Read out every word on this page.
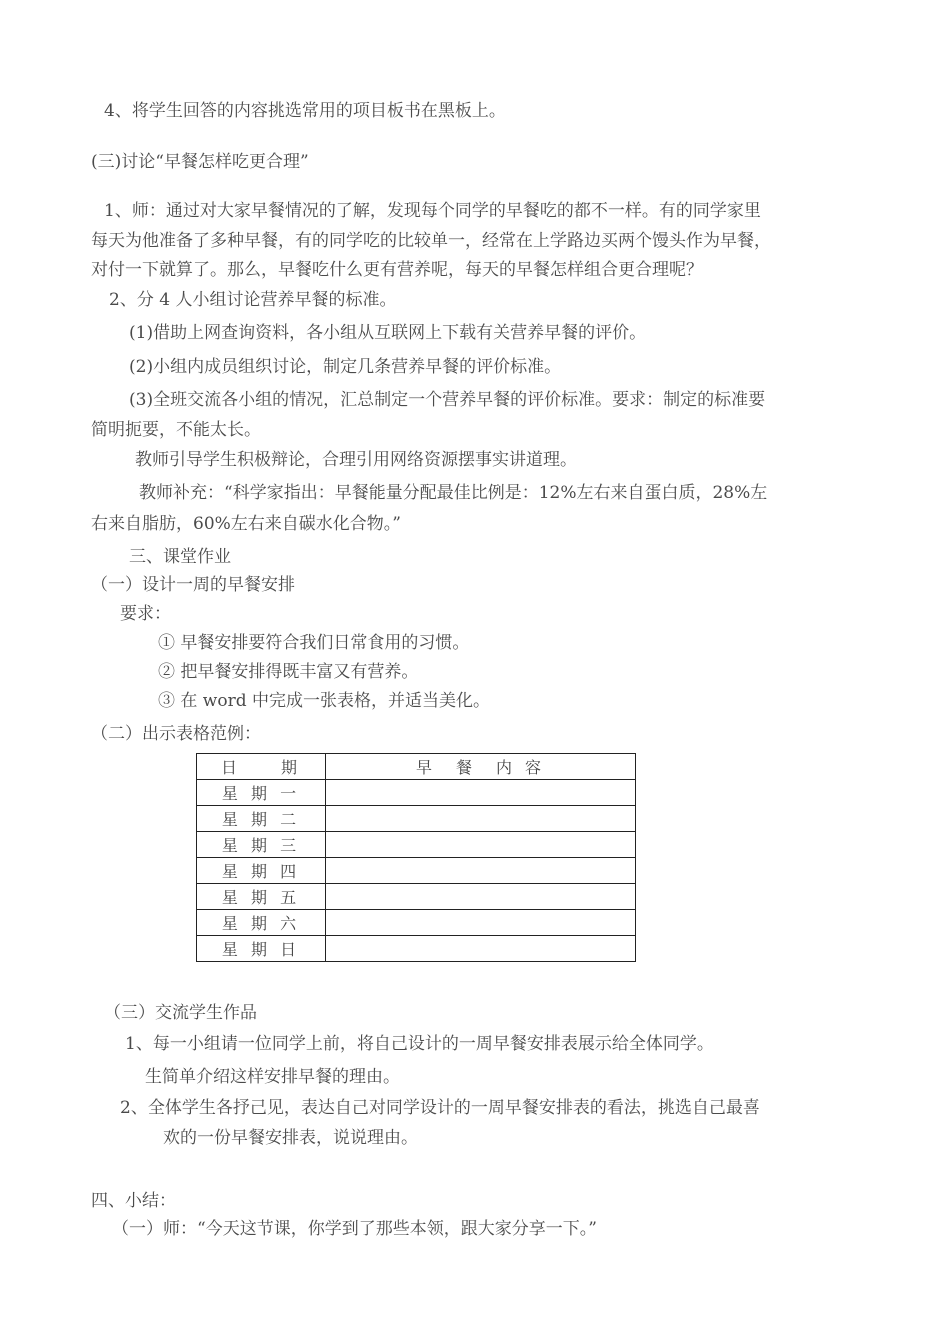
4、将学生回答的内容挑选常用的项目板书在黑板上。
(三)讨论“早餐怎样吃更合理”
1、师：通过对大家早餐情况的了解，发现每个同学的早餐吃的都不一样。有的同学家里
每天为他准备了多种早餐，有的同学吃的比较单一，经常在上学路边买两个馒头作为早餐，
对付一下就算了。那么，早餐吃什么更有营养呢，每天的早餐怎样组合更合理呢？
2、分 4 人小组讨论营养早餐的标准。
(1)借助上网查询资料，各小组从互联网上下载有关营养早餐的评价。
(2)小组内成员组织讨论，制定几条营养早餐的评价标准。
(3)全班交流各小组的情况，汇总制定一个营养早餐的评价标准。要求：制定的标准要
简明扼要，不能太长。
教师引导学生积极辩论，合理引用网络资源摆事实讲道理。
教师补充：“科学家指出：早餐能量分配最佳比例是：12%左右来自蛋白质，28%左
右来自脂肪，60%左右来自碳水化合物。”
三、课堂作业
（一）设计一周的早餐安排
要求：
① 早餐安排要符合我们日常食用的习惯。
② 把早餐安排得既丰富又有营养。
③ 在 word 中完成一张表格，并适当美化。
（二）出示表格范例：
日　　期	早　餐　内 容
星 期 一	
星 期 二	
星 期 三	
星 期 四	
星 期 五	
星 期 六	
星 期 日	
（三）交流学生作品
1、每一小组请一位同学上前，将自己设计的一周早餐安排表展示给全体同学。
生简单介绍这样安排早餐的理由。
2、全体学生各抒己见，表达自己对同学设计的一周早餐安排表的看法，挑选自己最喜
欢的一份早餐安排表，说说理由。
四、小结：
（一）师：“今天这节课，你学到了那些本领，跟大家分享一下。”
